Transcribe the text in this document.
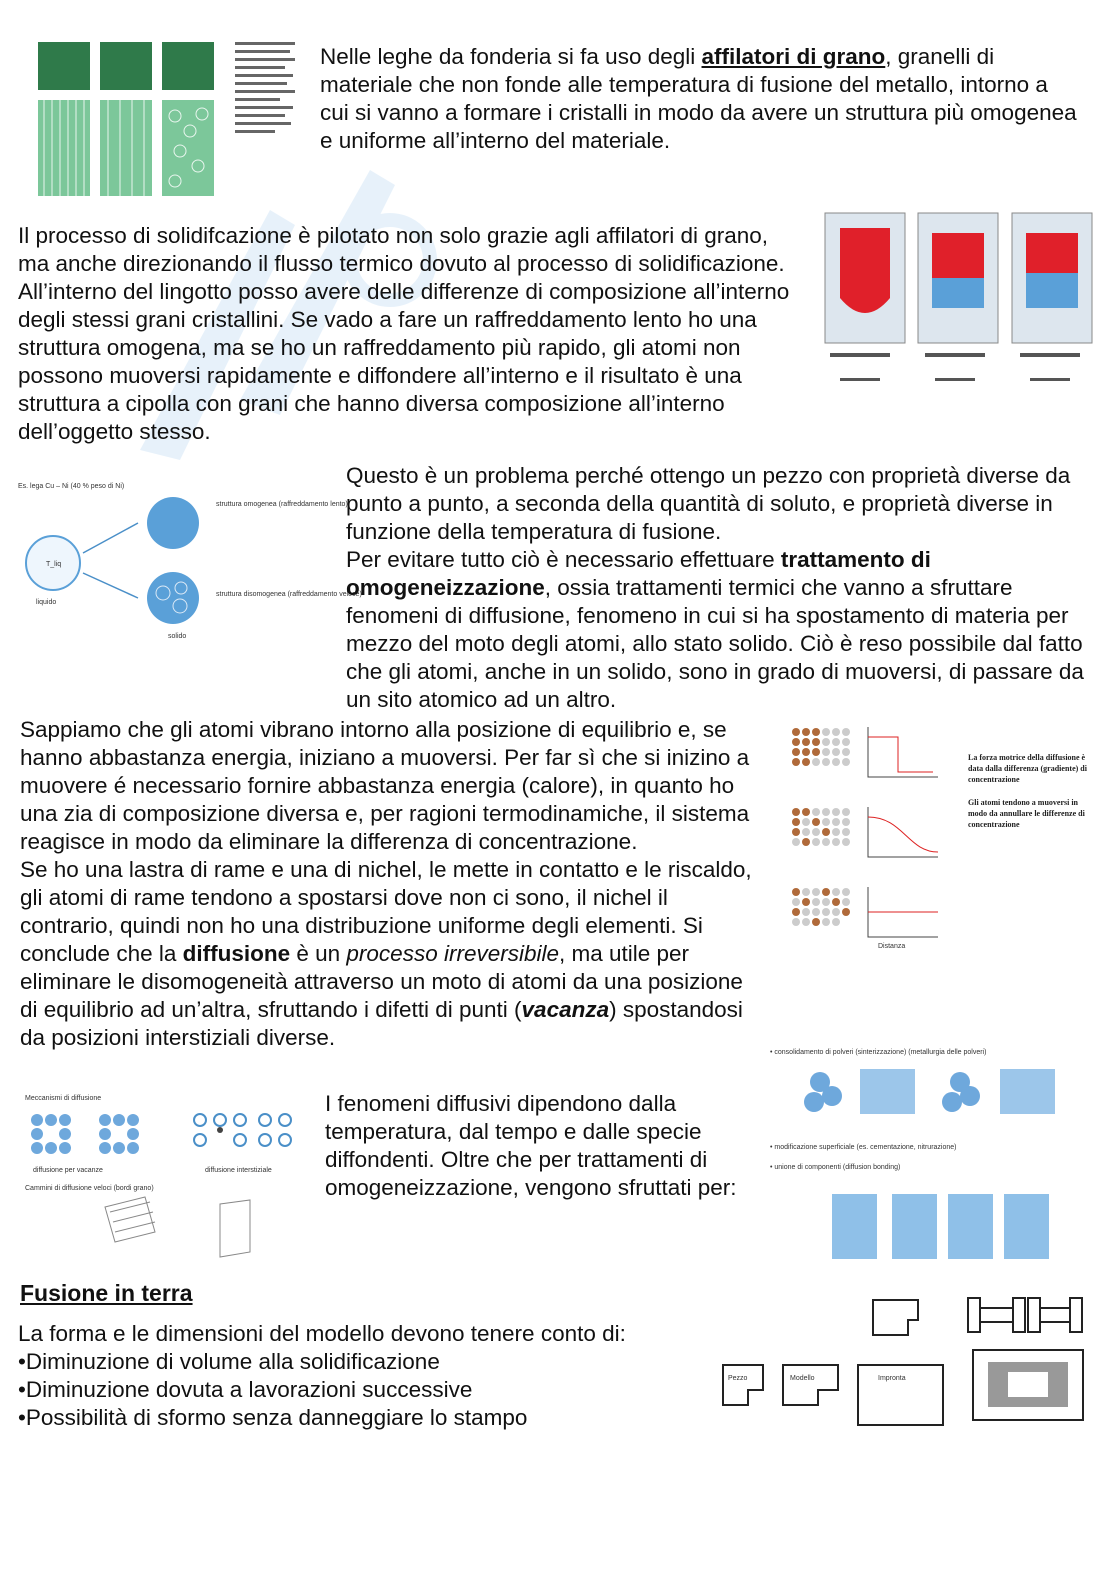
Nelle leghe da fonderia si fa uso degli affilatori di grano, granelli di materiale che non fonde alle temperatura di fusione del metallo, intorno a cui si vanno a formare i cristalli in modo da avere un struttura più omogenea e uniforme all’interno del materiale.

Il processo di solidifcazione è pilotato non solo grazie agli affilatori di grano, ma anche direzionando il flusso termico dovuto al processo di solidificazione. All’interno del lingotto posso avere delle differenze di composizione all’interno degli stessi grani cristallini. Se vado a fare un raffreddamento lento ho una struttura omogena, ma se ho un raffreddamento più rapido, gli atomi non possono muoversi rapidamente e diffondere all’interno e il risultato è una struttura a cipolla con grani che hanno diversa composizione all’interno dell’oggetto stesso.

Es. lega Cu – Ni (40 % peso di Ni)
T_liq
liquido
struttura omogenea (raffreddamento lento)
struttura disomogenea (raffreddamento veloce)
solido
Questo è un problema perché ottengo un pezzo con proprietà diverse da punto a punto, a seconda della quantità di soluto, e proprietà diverse in funzione della temperatura di fusione.
Per evitare tutto ciò è necessario effettuare trattamento di omogeneizzazione, ossia trattamenti termici che vanno a sfruttare fenomeni di diffusione, fenomeno in cui si ha spostamento di materia per mezzo del moto degli atomi, allo stato solido. Ciò è reso possibile dal fatto che gli atomi, anche in un solido, sono in grado di muoversi, di passare da un sito atomico ad un altro.
Distanza
La forza motrice della diffusione è data dalla differenza (gradiente) di concentrazione
Gli atomi tendono a muoversi in modo da annullare le differenze di concentrazione
Sappiamo che gli atomi vibrano intorno alla posizione di equilibrio e, se hanno abbastanza energia, iniziano a muoversi. Per far sì che si inizino a muovere é necessario fornire abbastanza energia (calore), in quanto ho una zia di composizione diversa e, per ragioni termodinamiche, il sistema reagisce in modo da eliminare la differenza di concentrazione.
Se ho una lastra di rame e una di nichel, le mette in contatto e le riscaldo, gli atomi di rame tendono a spostarsi dove non ci sono, il nichel il contrario, quindi non ho una distribuzione uniforme degli elementi. Si conclude che la diffusione è un processo irreversibile, ma utile per eliminare le disomogeneità attraverso un moto di atomi da una posizione di equilibrio ad un’altra, sfruttando i difetti di punti (vacanza) spostandosi da posizioni interstiziali diverse.
• consolidamento di polveri (sinterizzazione) (metallurgia delle polveri)
• modificazione superficiale (es. cementazione, nitrurazione)
• unione di componenti (diffusion bonding)
Meccanismi di diffusione
diffusione per vacanze	diffusione interstiziale
Cammini di diffusione veloci (bordi grano)

I fenomeni diffusivi dipendono dalla temperatura, dal tempo e dalle specie diffondenti. Oltre che per trattamenti di omogeneizzazione, vengono sfruttati per:

Fusione in terra

La forma e le dimensioni del modello devono tenere conto di:

•Diminuzione di volume alla solidificazione
•Diminuzione dovuta a lavorazioni successive
•Possibilità di sformo senza danneggiare lo stampo
Pezzo	Modello	Impronta
